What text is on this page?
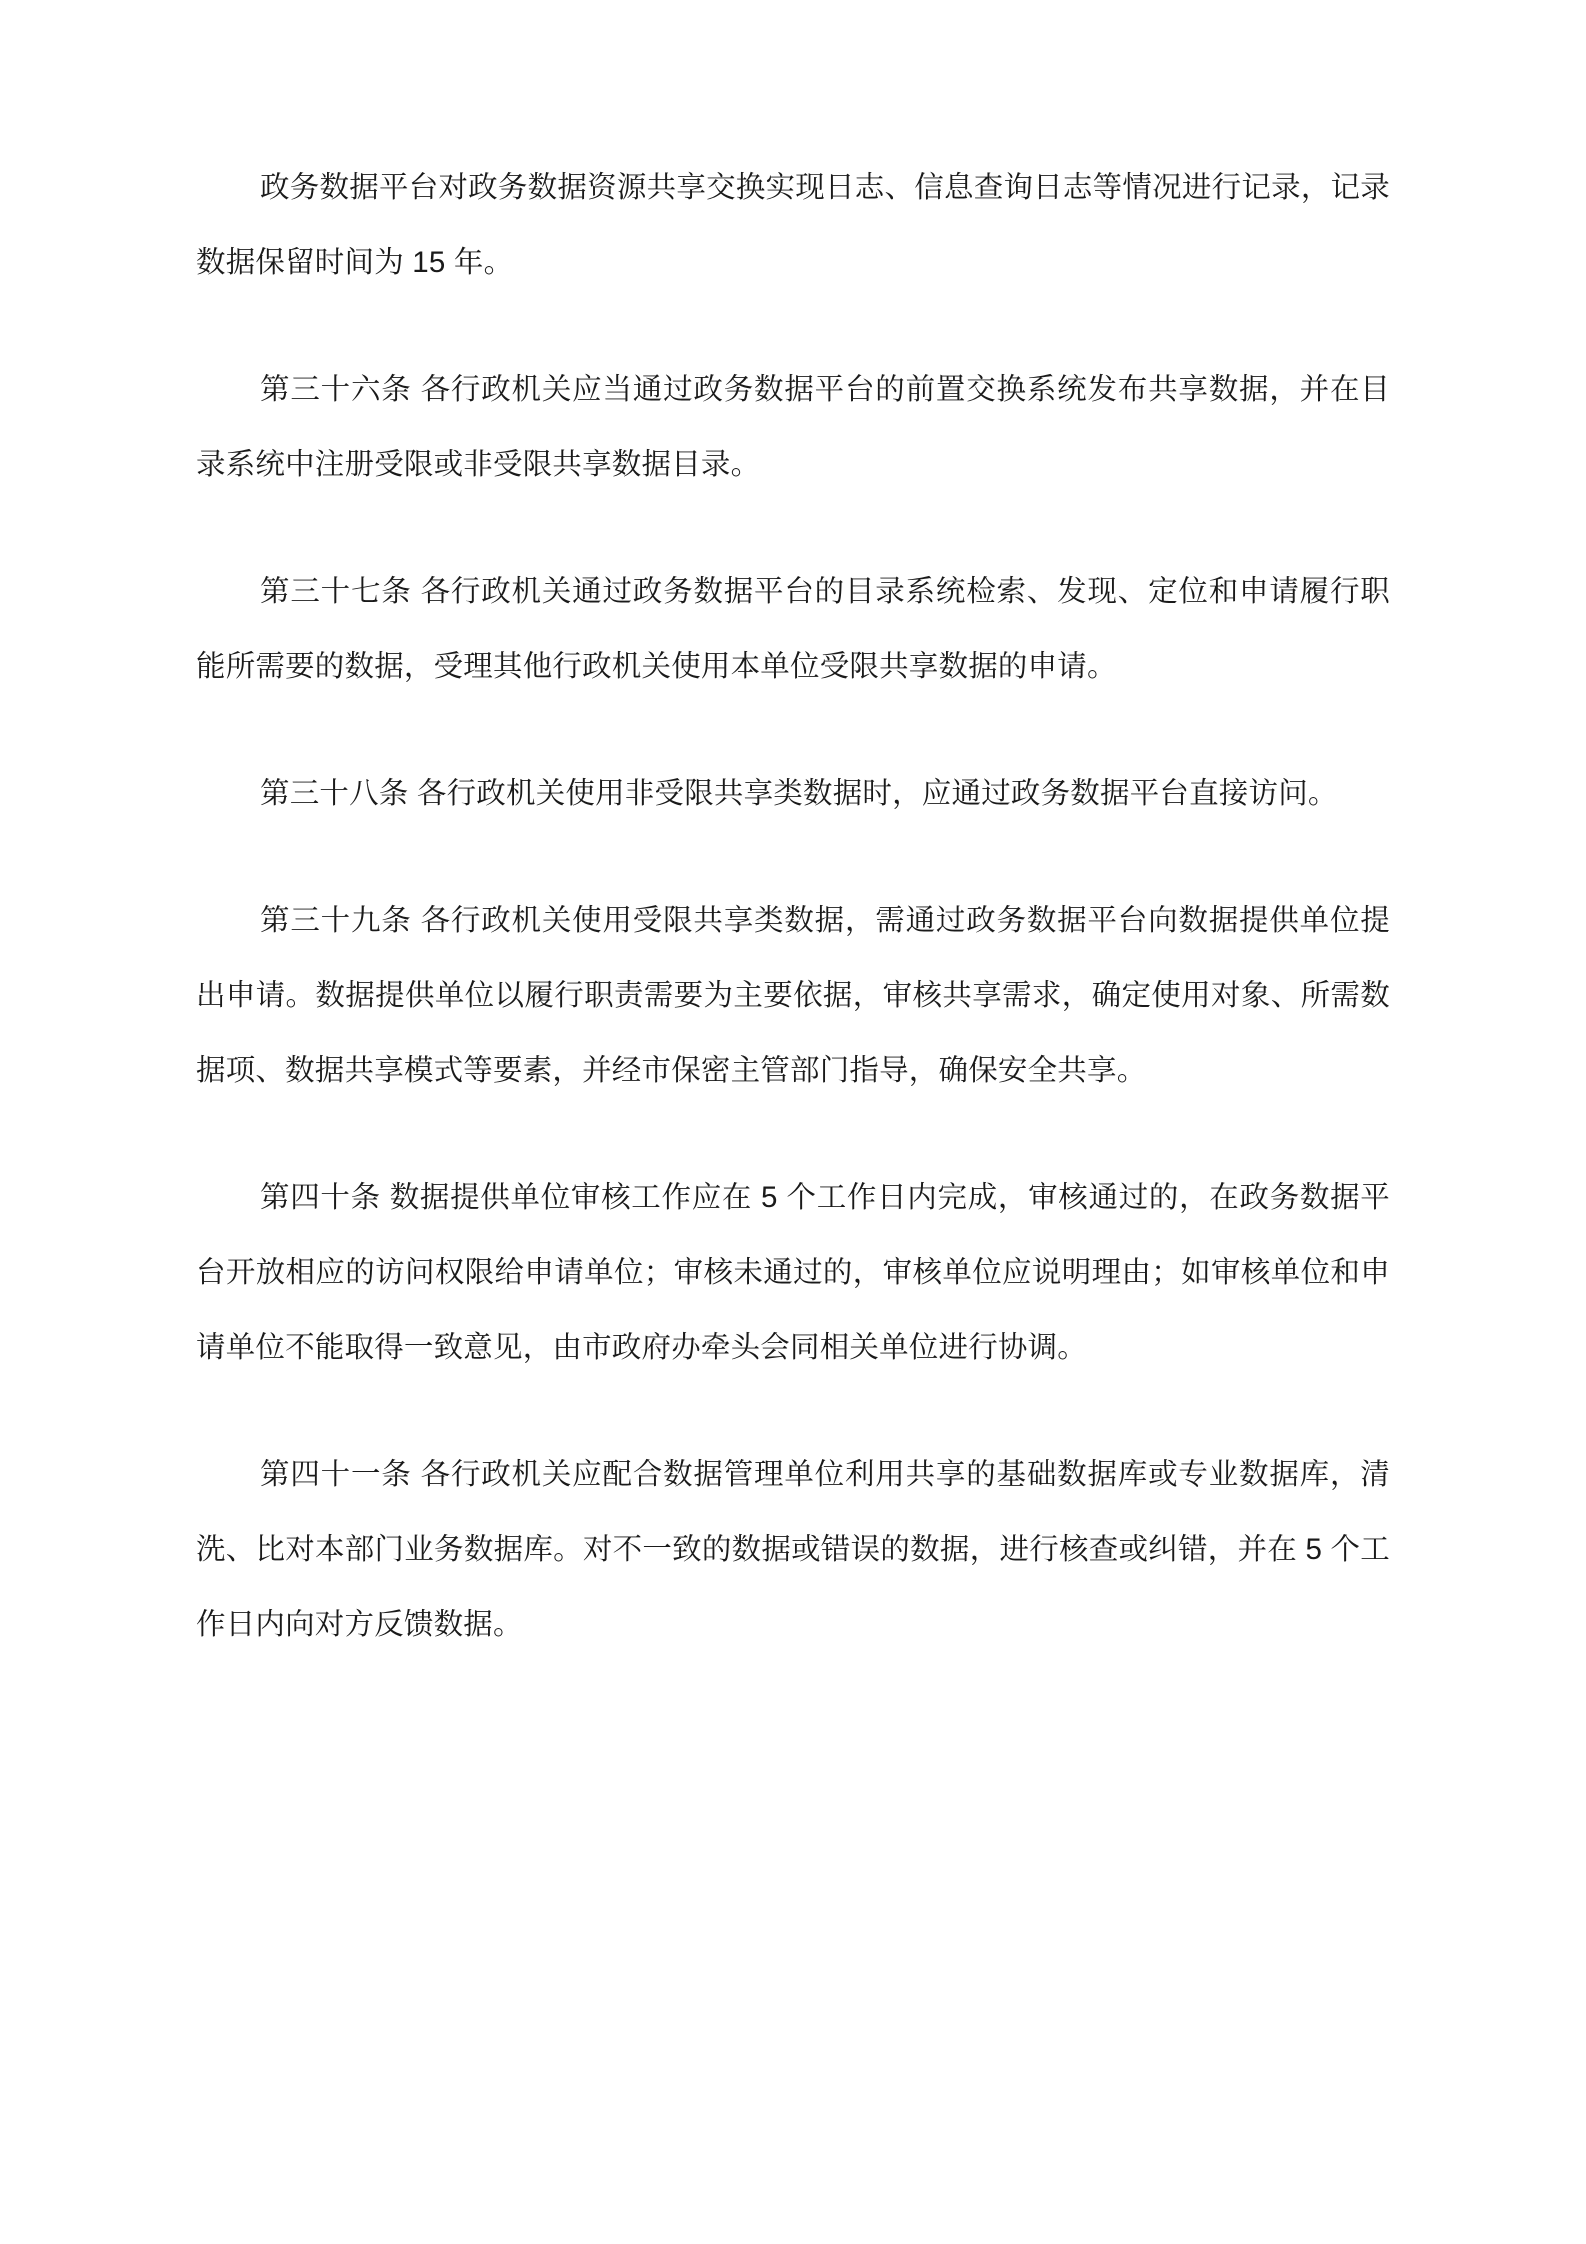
政务数据平台对政务数据资源共享交换实现日志、信息查询日志等情况进行记录，记录数据保留时间为 15 年。

第三十六条 各行政机关应当通过政务数据平台的前置交换系统发布共享数据，并在目录系统中注册受限或非受限共享数据目录。

第三十七条 各行政机关通过政务数据平台的目录系统检索、发现、定位和申请履行职能所需要的数据，受理其他行政机关使用本单位受限共享数据的申请。

第三十八条 各行政机关使用非受限共享类数据时，应通过政务数据平台直接访问。

第三十九条 各行政机关使用受限共享类数据，需通过政务数据平台向数据提供单位提出申请。数据提供单位以履行职责需要为主要依据，审核共享需求，确定使用对象、所需数据项、数据共享模式等要素，并经市保密主管部门指导，确保安全共享。

第四十条 数据提供单位审核工作应在 5 个工作日内完成，审核通过的，在政务数据平台开放相应的访问权限给申请单位；审核未通过的，审核单位应说明理由；如审核单位和申请单位不能取得一致意见，由市政府办牵头会同相关单位进行协调。

第四十一条 各行政机关应配合数据管理单位利用共享的基础数据库或专业数据库，清洗、比对本部门业务数据库。对不一致的数据或错误的数据，进行核查或纠错，并在 5 个工作日内向对方反馈数据。
